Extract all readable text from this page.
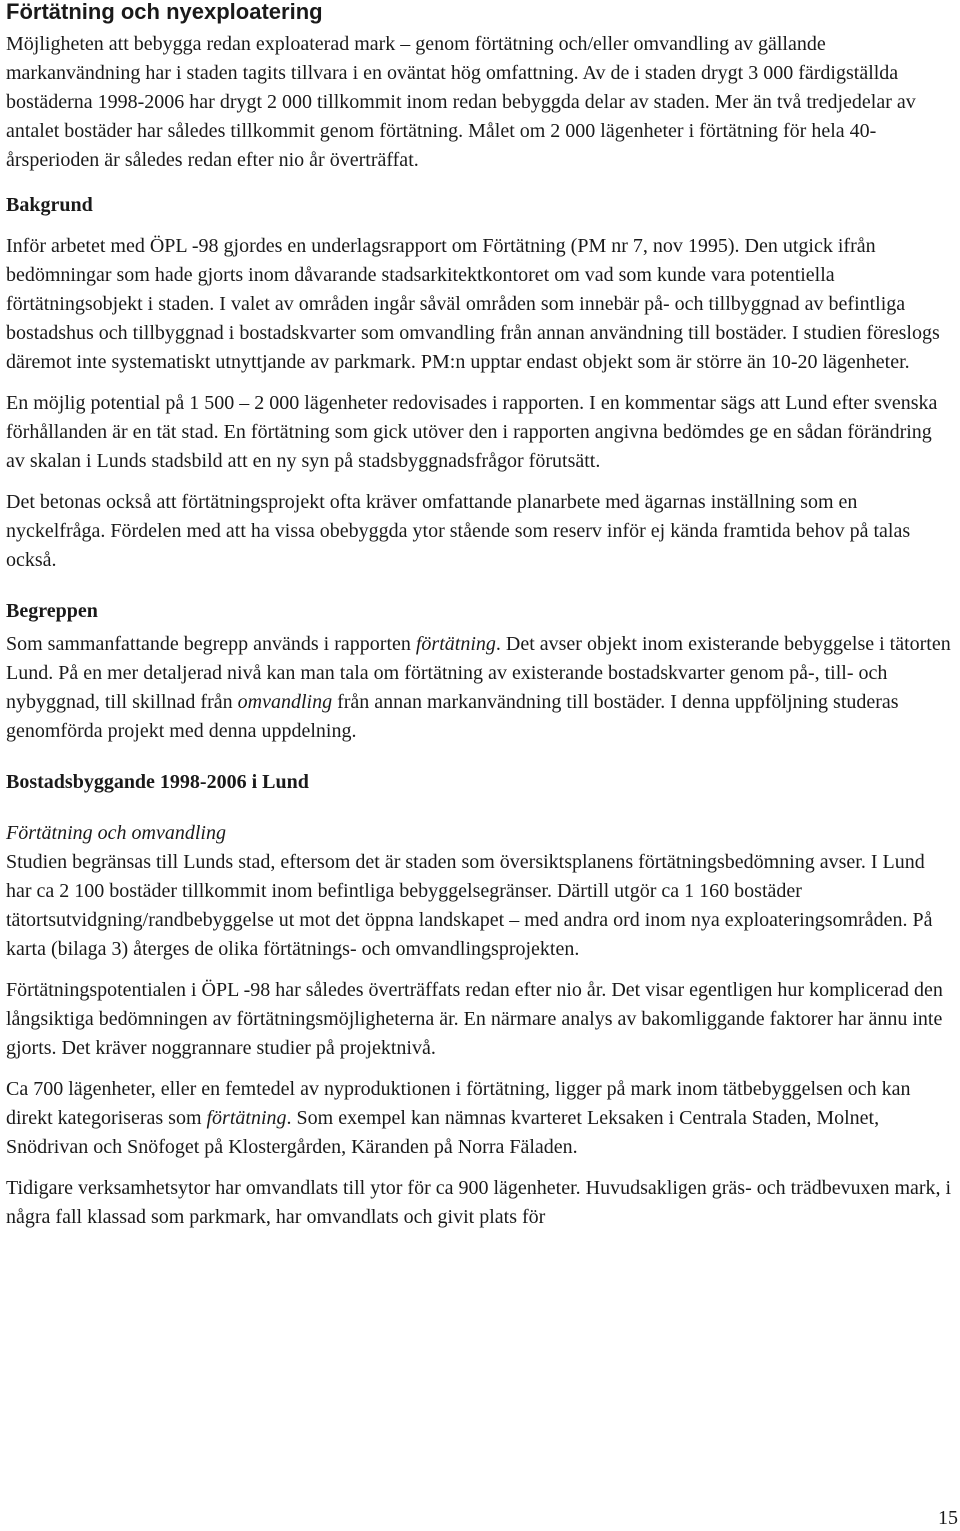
Förtätning och nyexploatering

Möjligheten att bebygga redan exploaterad mark – genom förtätning och/eller omvandling av gällande markanvändning har i staden tagits tillvara i en oväntat hög omfattning. Av de i staden drygt 3 000 färdigställda bostäderna 1998-2006 har drygt 2 000 tillkommit inom redan bebyggda delar av staden. Mer än två tredjedelar av antalet bostäder har således tillkommit genom förtätning. Målet om 2 000 lägenheter i förtätning för hela 40-årsperioden är således redan efter nio år överträffat.

Bakgrund

Inför arbetet med ÖPL -98 gjordes en underlagsrapport om Förtätning (PM nr 7, nov 1995). Den utgick ifrån bedömningar som hade gjorts inom dåvarande stadsarkitektkontoret om vad som kunde vara potentiella förtätningsobjekt i staden. I valet av områden ingår såväl områden som innebär på- och tillbyggnad av befintliga bostadshus och tillbyggnad i bostadskvarter som omvandling från annan användning till bostäder. I studien föreslogs däremot inte systematiskt utnyttjande av parkmark. PM:n upptar endast objekt som är större än 10-20 lägenheter.

En möjlig potential på 1 500 – 2 000 lägenheter redovisades i rapporten. I en kommentar sägs att Lund efter svenska förhållanden är en tät stad. En förtätning som gick utöver den i rapporten angivna bedömdes ge en sådan förändring av skalan i Lunds stadsbild att en ny syn på stadsbyggnadsfrågor förutsätt.

Det betonas också att förtätningsprojekt ofta kräver omfattande planarbete med ägarnas inställning som en nyckelfråga. Fördelen med att ha vissa obebyggda ytor stående som reserv inför ej kända framtida behov på talas också.

Begreppen

Som sammanfattande begrepp används i rapporten förtätning. Det avser objekt inom existerande bebyggelse i tätorten Lund. På en mer detaljerad nivå kan man tala om förtätning av existerande bostadskvarter genom på-, till- och nybyggnad, till skillnad från omvandling från annan markanvändning till bostäder. I denna uppföljning studeras genomförda projekt med denna uppdelning.

Bostadsbyggande 1998-2006 i Lund
Förtätning och omvandling

Studien begränsas till Lunds stad, eftersom det är staden som översiktsplanens förtätningsbedömning avser. I Lund har ca 2 100 bostäder tillkommit inom befintliga bebyggelsegränser. Därtill utgör ca 1 160 bostäder tätortsutvidgning/randbebyggelse ut mot det öppna landskapet – med andra ord inom nya exploateringsområden. På karta (bilaga 3) återges de olika förtätnings- och omvandlingsprojekten.

Förtätningspotentialen i ÖPL -98 har således överträffats redan efter nio år. Det visar egentligen hur komplicerad den långsiktiga bedömningen av förtätningsmöjligheterna är. En närmare analys av bakomliggande faktorer har ännu inte gjorts. Det kräver noggrannare studier på projektnivå.

Ca 700 lägenheter, eller en femtedel av nyproduktionen i förtätning, ligger på mark inom tätbebyggelsen och kan direkt kategoriseras som förtätning. Som exempel kan nämnas kvarteret Leksaken i Centrala Staden, Molnet, Snödrivan och Snöfoget på Klostergården, Käranden på Norra Fäladen.

Tidigare verksamhetsytor har omvandlats till ytor för ca 900 lägenheter. Huvudsakligen gräs- och trädbevuxen mark, i några fall klassad som parkmark, har omvandlats och givit plats för

15
